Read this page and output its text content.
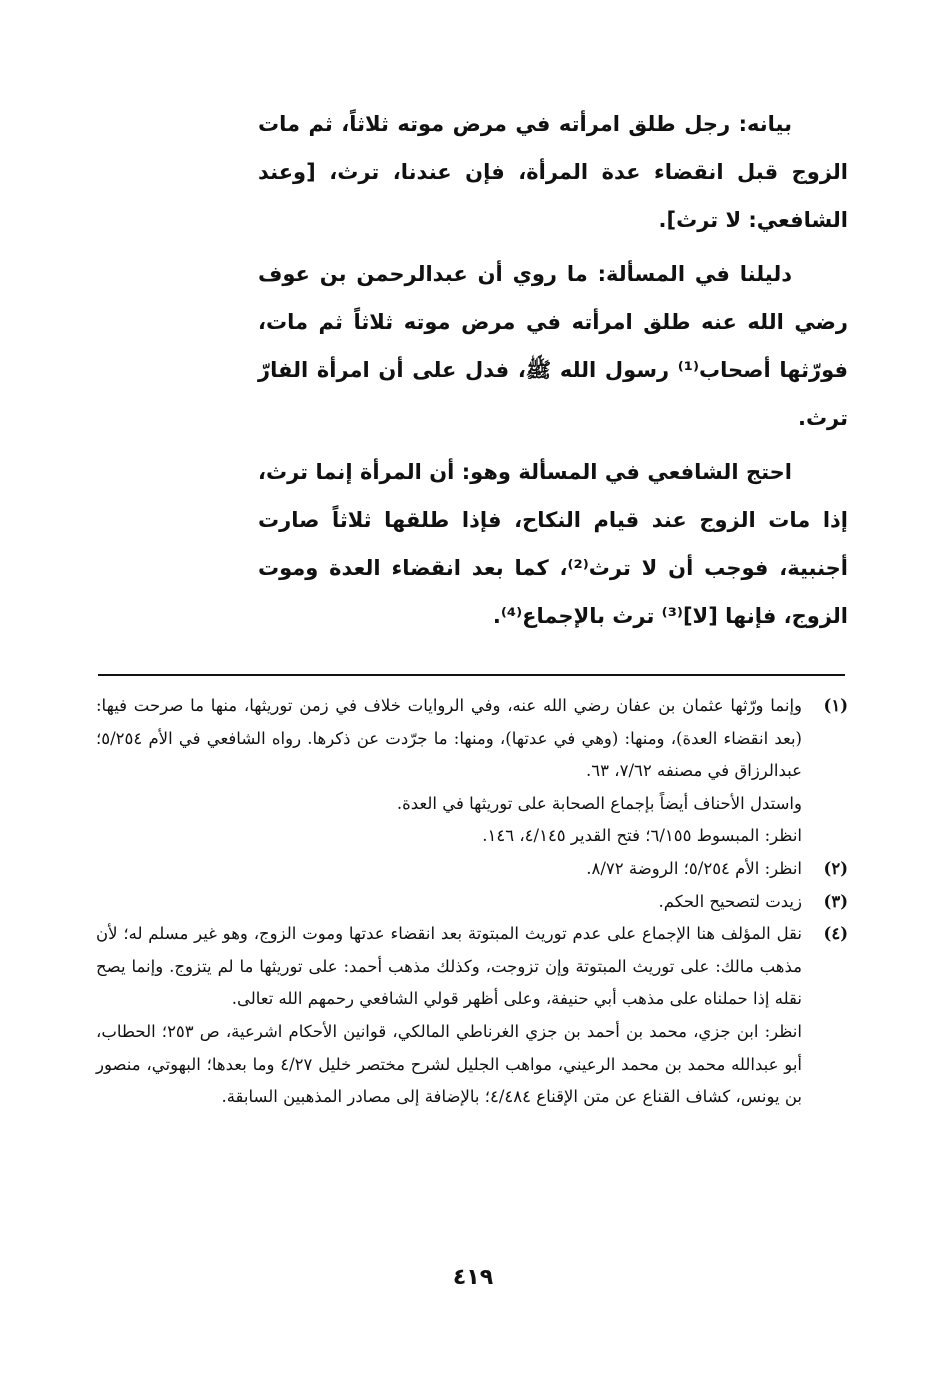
بيانه: رجل طلق امرأته في مرض موته ثلاثاً، ثم مات الزوج قبل انقضاء عدة المرأة، فإن عندنا، ترث، [وعند الشافعي: لا ترث].

دليلنا في المسألة: ما روي أن عبدالرحمن بن عوف رضي الله عنه طلق امرأته في مرض موته ثلاثاً ثم مات، فورّثها أصحاب⁽¹⁾ رسول الله ﷺ، فدل على أن امرأة الفارّ ترث.

احتج الشافعي في المسألة وهو: أن المرأة إنما ترث، إذا مات الزوج عند قيام النكاح، فإذا طلقها ثلاثاً صارت أجنبية، فوجب أن لا ترث⁽²⁾، كما بعد انقضاء العدة وموت الزوج، فإنها [لا]⁽³⁾ ترث بالإجماع⁽⁴⁾.

(١)
وإنما ورّثها عثمان بن عفان رضي الله عنه، وفي الروايات خلاف في زمن توريثها، منها ما صرحت فيها: (بعد انقضاء العدة)، ومنها: (وهي في عدتها)، ومنها: ما جرّدت عن ذكرها. رواه الشافعي في الأم ٥/٢٥٤؛ عبدالرزاق في مصنفه ٧/٦٢، ٦٣.
واستدل الأحناف أيضاً بإجماع الصحابة على توريثها في العدة.
انظر: المبسوط ٦/١٥٥؛ فتح القدير ٤/١٤٥، ١٤٦.
(٢)
انظر: الأم ٥/٢٥٤؛ الروضة ٨/٧٢.
(٣)
زيدت لتصحيح الحكم.
(٤)
نقل المؤلف هنا الإجماع على عدم توريث المبتوتة بعد انقضاء عدتها وموت الزوج، وهو غير مسلم له؛ لأن مذهب مالك: على توريث المبتوتة وإن تزوجت، وكذلك مذهب أحمد: على توريثها ما لم يتزوج. وإنما يصح نقله إذا حملناه على مذهب أبي حنيفة، وعلى أظهر قولي الشافعي رحمهم الله تعالى.
انظر: ابن جزي، محمد بن أحمد بن جزي الغرناطي المالكي، قوانين الأحكام اشرعية، ص ٢٥٣؛ الحطاب، أبو عبدالله محمد بن محمد الرعيني، مواهب الجليل لشرح مختصر خليل ٤/٢٧ وما بعدها؛ البهوتي، منصور بن يونس، كشاف القناع عن متن الإقناع ٤/٤٨٤؛ بالإضافة إلى مصادر المذهبين السابقة.
٤١٩
